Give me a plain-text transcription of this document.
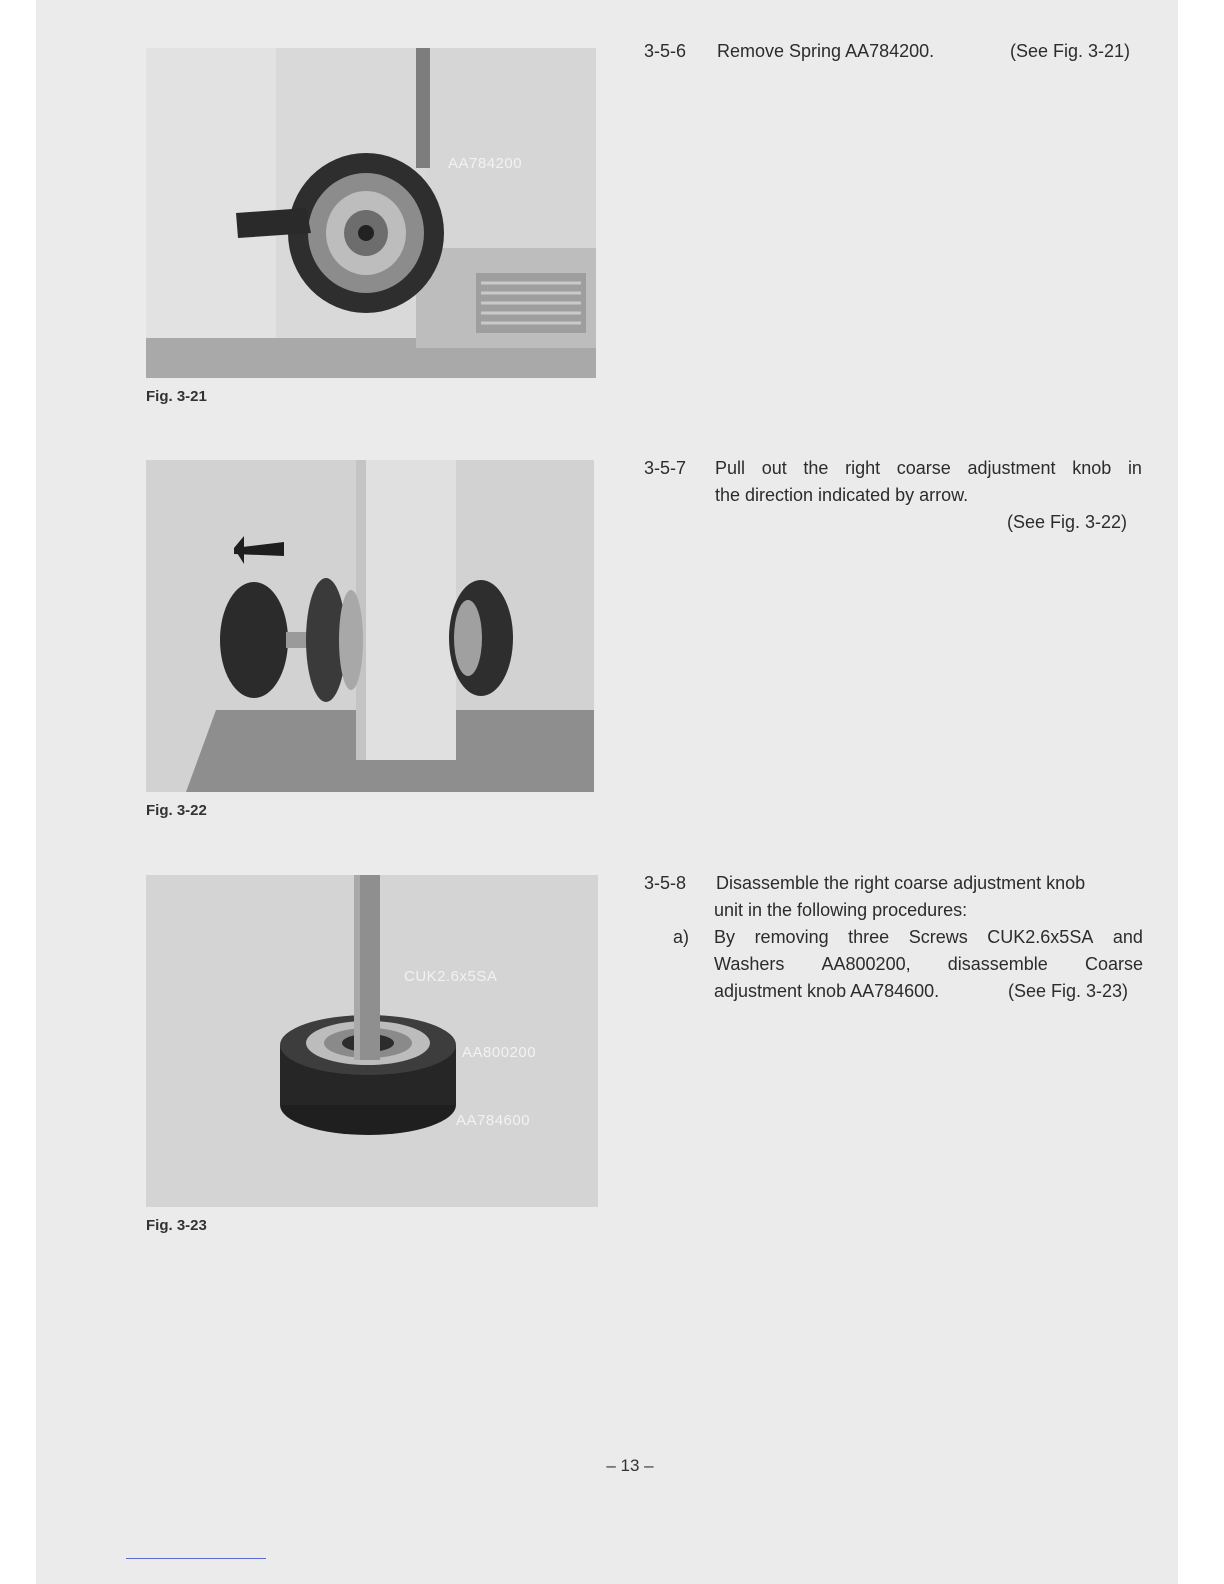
AA784200
Fig. 3-21
Fig. 3-22
CUK2.6x5SA
AA800200
AA784600
Fig. 3-23
3-5-6 Remove Spring AA784200.	(See Fig. 3-21)
3-5-7 Pull out the right coarse adjustment knob in
the direction indicated by arrow.
(See Fig. 3-22)
3-5-8 Disassemble the right coarse adjustment knob
unit in the following procedures:
a) By removing three Screws CUK2.6x5SA and
Washers AA800200, disassemble Coarse
adjustment knob AA784600.	(See Fig. 3-23)
– 13 –
